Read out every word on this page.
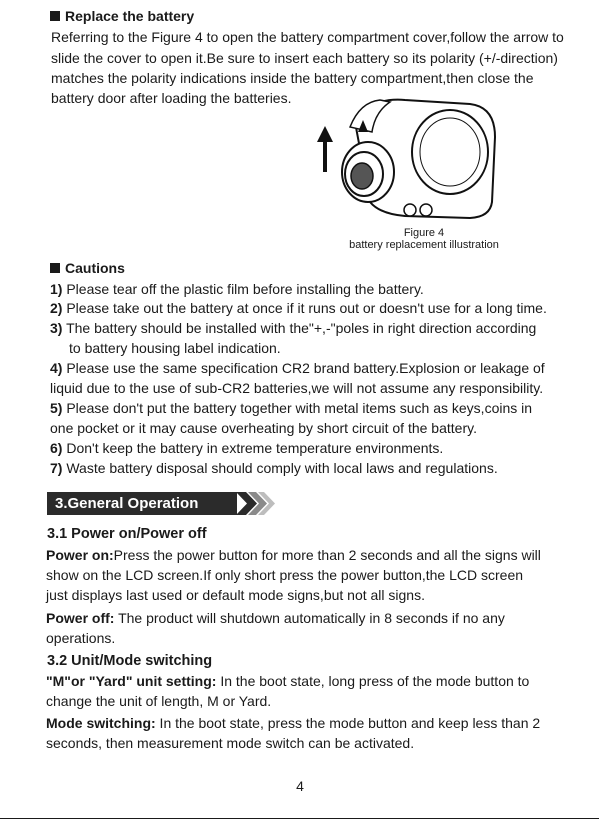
Replace the battery
Referring to the Figure 4 to open the battery compartment cover,follow the arrow to
slide the cover to open it.Be sure to insert each battery so its polarity (+/-direction)
matches the polarity indications inside the battery compartment,then close the
battery door after loading the batteries.
Figure 4
battery replacement illustration
Cautions
1) Please tear off the plastic film before installing the battery.
2) Please take out the battery at once if it runs out or doesn't use for a long time.
3) The battery should be installed with the"+,-"poles in right direction according
to battery housing label indication.
4) Please use the same specification CR2 brand battery.Explosion or leakage of
liquid due to the use of sub-CR2 batteries,we will not assume any responsibility.
5) Please don't put the battery together with metal items such as keys,coins in
one pocket or it may cause overheating by short circuit of the battery.
6) Don't keep the battery in extreme temperature environments.
7) Waste battery disposal should comply with local laws and regulations.
3.General Operation
3.1 Power on/Power off
Power on:Press the power button for more than 2 seconds and all the signs will
show on the LCD screen.If only short press the power button,the LCD screen
just displays last used or default mode signs,but not all signs.
Power off: The product will shutdown automatically in 8 seconds if no any
operations.
3.2 Unit/Mode switching
"M"or "Yard" unit setting: In the boot state, long press of the mode button to
change the unit of length, M or Yard.
Mode switching: In the boot state, press the mode button and keep less than 2
seconds, then measurement mode switch can be activated.
4
